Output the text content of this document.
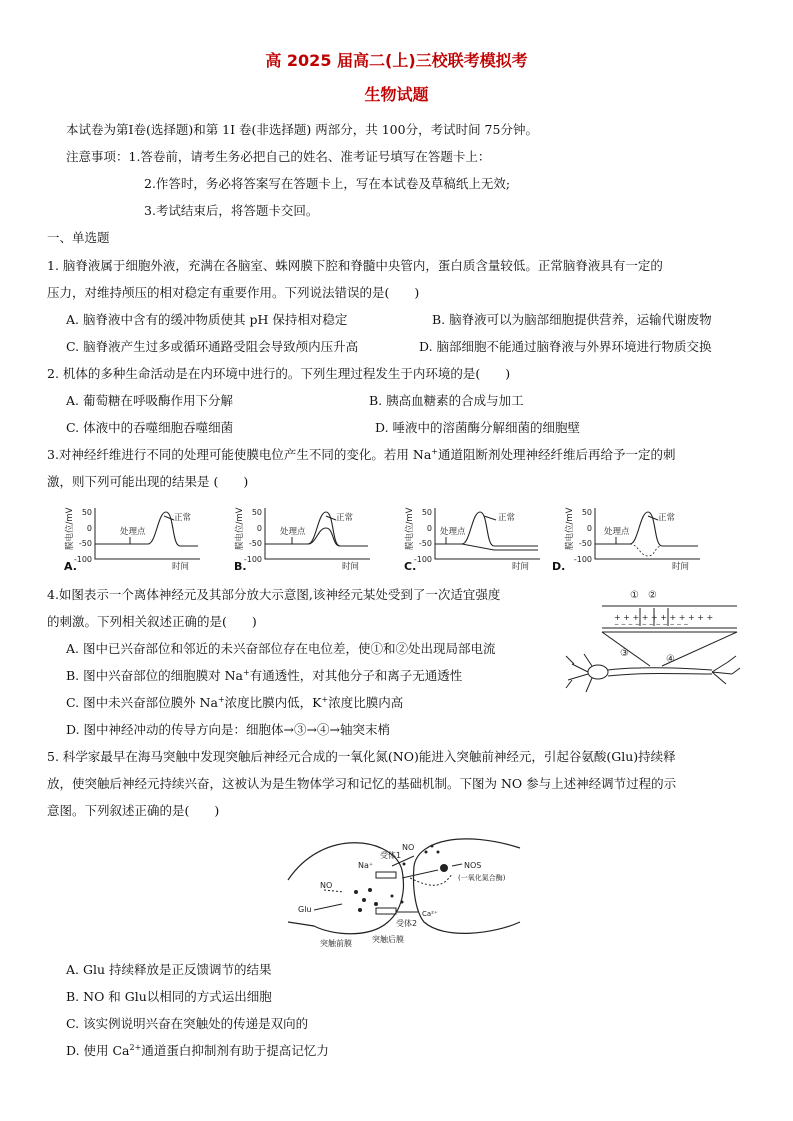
高 2025 届高二(上)三校联考模拟考
生物试题
本试卷为第Ⅰ卷(选择题)和第 1I 卷(非选择题) 两部分，共 100分，考试时间 75分钟。
注意事项：1.答卷前，请考生务必把自己的姓名、准考证号填写在答题卡上：
2.作答时，务必将答案写在答题卡上，写在本试卷及草稿纸上无效;
3.考试结束后，将答题卡交回。
一、单选题
1. 脑脊液属于细胞外液，充满在各脑室、蛛网膜下腔和脊髓中央管内，蛋白质含量较低。正常脑脊液具有一定的
压力，对维持颅压的相对稳定有重要作用。下列说法错误的是(　　)
A. 脑脊液中含有的缓冲物质使其 pH 保持相对稳定	B. 脑脊液可以为脑部细胞提供营养，运输代谢废物
C. 脑脊液产生过多或循环通路受阻会导致颅内压升高	D. 脑部细胞不能通过脑脊液与外界环境进行物质交换
2. 机体的多种生命活动是在内环境中进行的。下列生理过程发生于内环境的是(　　)
A. 葡萄糖在呼吸酶作用下分解	B. 胰高血糖素的合成与加工
C. 体液中的吞噬细胞吞噬细菌	D. 唾液中的溶菌酶分解细菌的细胞壁
3.对神经纤维进行不同的处理可能使膜电位产生不同的变化。若用 Na+通道阻断剂处理神经纤维后再给予一定的刺
激，则下列可能出现的结果是 (　　)
A.
膜电位/mV 50
0
-50
-100
处理点
正常
时间	B.
膜电位/mV 50
0
-50
-100
处理点
正常
时间	C.
膜电位/mV 50
0
-50
-100
处理点
正常
时间 D.
膜电位/mV 50
0
-50
-100
处理点
正常
时间
4.如图表示一个离体神经元及其部分放大示意图,该神经元某处受到了一次适宜强度
的刺激。下列相关叙述正确的是(　　)
A. 图中已兴奋部位和邻近的未兴奋部位存在电位差，使①和②处出现局部电流
B. 图中兴奋部位的细胞膜对 Na+有通透性，对其他分子和离子无通透性
C. 图中未兴奋部位膜外 Na+浓度比膜内低，K+浓度比膜内高
D. 图中神经冲动的传导方向是：细胞体→③→④→轴突末梢
+ + + + + + + + + + +
− − − − − − − − − − −
① ②
③
④
5. 科学家最早在海马突触中发现突触后神经元合成的一氧化氮(NO)能进入突触前神经元，引起谷氨酸(Glu)持续释
放，使突触后神经元持续兴奋，这被认为是生物体学习和记忆的基础机制。下图为 NO 参与上述神经调节过程的示
意图。下列叙述正确的是(　　)
受体1
NO
Na⁺	NOS
(一氧化氮合酶)
NO
Glu	Ca²⁺
受体2
突触前膜	突触后膜
A. Glu 持续释放是正反馈调节的结果
B. NO 和 Glu以相同的方式运出细胞
C. 该实例说明兴奋在突触处的传递是双向的
D. 使用 $Ca^{2+}$通道蛋白抑制剂有助于提高记忆力
